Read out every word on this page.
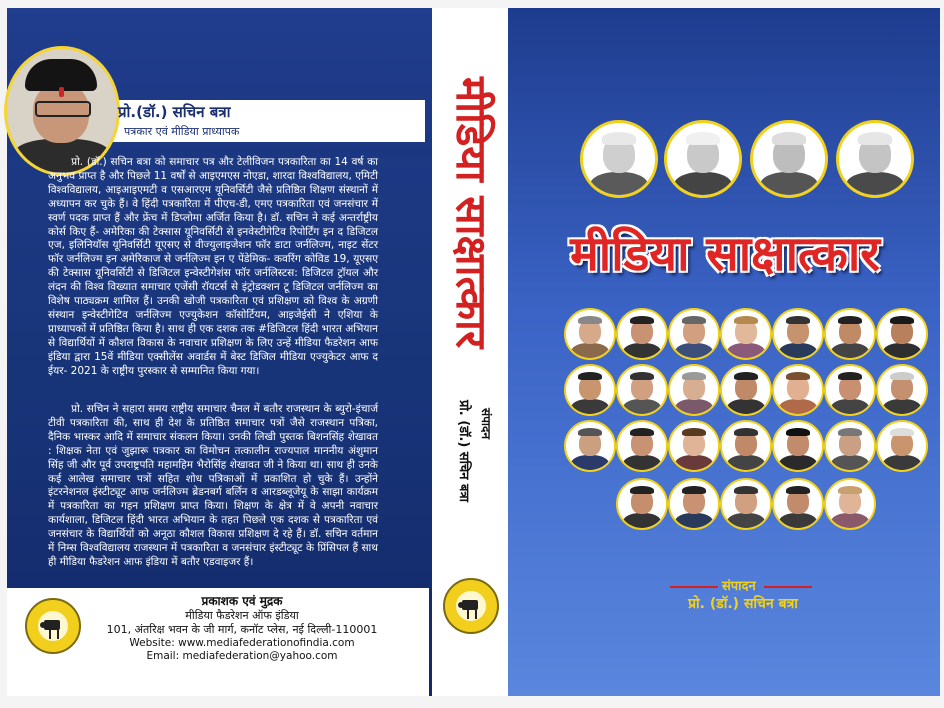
प्रो.(डॉ.) सचिन बत्रा
पत्रकार एवं मीडिया प्राध्यापक

प्रो. (डॉ.) सचिन बत्रा को समाचार पत्र और टेलीविजन पत्रकारिता का 14 वर्ष का अनुभव प्राप्त है और पिछले 11 वर्षों से आइएमएस नोएडा, शारदा विश्वविद्यालय, एमिटी विश्वविद्यालय, आइआइएमटी व एसआरएम यूनिवर्सिटी जैसे प्रतिष्ठित शिक्षण संस्थानों में अध्यापन कर चुके हैं। वे हिंदी पत्रकारिता में पीएच-डी, एमए पत्रकारिता एवं जनसंचार में स्वर्ण पदक प्राप्त हैं और फ्रेंच में डिप्लोमा अर्जित किया है। डॉ. सचिन ने कई अन्तर्राष्ट्रीय कोर्स किए हैं- अमेरिका की टेक्सास यूनिवर्सिटी से इनवेस्टीगेटिव रिपोर्टिंग इन द डिजिटल एज, इलिनियॉस यूनिवर्सिटी यूएसए से वीज्युलाइजेशन फॉर डाटा जर्नलिज्म, नाइट सेंटर फॉर जर्नलिज्म इन अमेरिकाज से जर्नलिज्म इन ए पेंडेमिक- कवरिंग कोविड 19, यूएसए की टेक्सास यूनिवर्सिटी से डिजिटल इन्वेस्टीगेशंस फॉर जर्नलिस्टस: डिजिटल ट्रॉयल और लंदन की विश्व विख्यात समाचार एजेंसी रॉयटर्स से इंट्रोडक्शन टू डिजिटल जर्नलिज्म का विशेष पाठ्यक्रम शामिल हैं। उनकी खोजी पत्रकारिता एवं प्रशिक्षण को विश्व के अग्रणी संस्थान इन्वेस्टीगेटिव जर्नलिज्म एज्युकेशन कॉसोर्टियम, आइजेईसी ने एशिया के प्राध्यापकों में प्रतिष्ठित किया है। साथ ही एक दशक तक #डिजिटल हिंदी भारत अभियान से विद्यार्थियों में कौशल विकास के नवाचार प्रशिक्षण के लिए उन्हें मीडिया फैडरेशन आफ इंडिया द्वारा 15वें मीडिया एक्सीलेंस अवार्डस में बेस्ट डिजिल मीडिया एज्युकेटर आफ द ईयर- 2021 के राष्ट्रीय पुरस्कार से सम्मानित किया गया।

प्रो. सचिन ने सहारा समय राष्ट्रीय समाचार चैनल में बतौर राजस्थान के ब्युरो-इंचार्ज टीवी पत्रकारिता की, साथ ही देश के प्रतिष्ठित समाचार पत्रों जैसे राजस्थान पत्रिका, दैनिक भास्कर आदि में समाचार संकलन किया। उनकी लिखी पुस्तक बिशनसिंह शेखावत : शिक्षक नेता एवं जुझारू पत्रकार का विमोचन तत्कालीन राज्यपाल माननीय अंशुमान सिंह जी और पूर्व उपराष्ट्रपति महामहिम भैरोसिंह शेखावत जी ने किया था। साथ ही उनके कई आलेख समाचार पत्रों सहित शोध पत्रिकाओं में प्रकाशित हो चुके हैं। उन्होंने इंटरनेशनल इंस्टीट्यूट आफ जर्नलिज्म ब्रेडनबर्ग बर्लिन व आरडब्लूजेयू के साझा कार्यक्रम में पत्रकारिता का गहन प्रशिक्षण प्राप्त किया। शिक्षण के क्षेत्र में वे अपनी नवाचार कार्यशाला, डिजिटल हिंदी भारत अभियान के तहत पिछले एक दशक से पत्रकारिता एवं जनसंचार के विद्यार्थियों को अनूठा कौशल विकास प्रशिक्षण दे रहे हैं। डॉ. सचिन वर्तमान में निम्स विश्वविद्यालय राजस्थान में पत्रकारिता व जनसंचार इंस्टीट्यूट के प्रिंसिपल हैं साथ ही मीडिया फैडरेशन आफ इंडिया में बतौर एडवाइजर हैं।

प्रकाशक एवं मुद्रक
मीडिया फैडरेशन ऑफ इंडिया
101, अंतरिक्ष भवन के जी मार्ग, कनॉट प्लेस, नई दिल्ली-110001
Website: www.mediafederationofindia.com
Email: mediafederation@yahoo.com
मीडिया साक्षात्कार
संपादन
प्रो. (डॉ.) सचिन बत्रा
मीडिया साक्षात्कार
संपादन
प्रो. (डॉ.) सचिन बत्रा
